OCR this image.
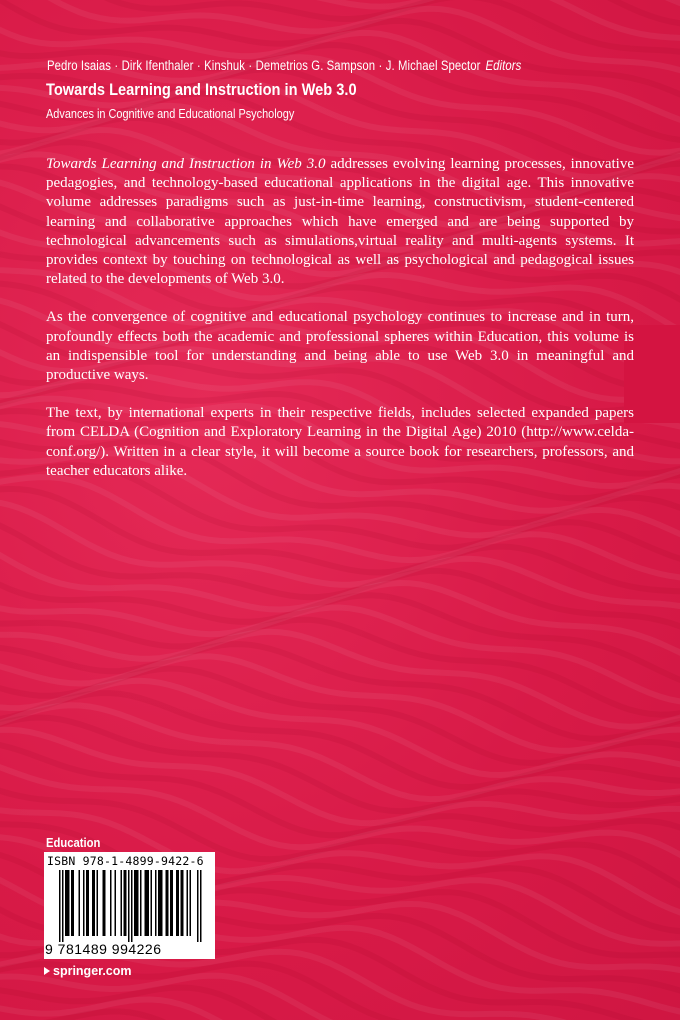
Pedro Isaias · Dirk Ifenthaler · Kinshuk · Demetrios G. Sampson · J. Michael Spector Editors
Towards Learning and Instruction in Web 3.0
Advances in Cognitive and Educational Psychology

Towards Learning and Instruction in Web 3.0 addresses evolving learning processes, innovative pedagogies, and technology-based educational applications in the digital age. This innovative volume addresses paradigms such as just-in-time learning, constructivism, student-centered learning and collaborative approaches which have emerged and are being supported by technological advancements such as simulations,virtual reality and multi-agents systems. It provides context by touching on technological as well as psychological and pedagogical issues related to the developments of Web 3.0.

As the convergence of cognitive and educational psychology continues to increase and in turn, profoundly effects both the academic and professional spheres within Education, this volume is an indispensible tool for understanding and being able to use Web 3.0 in meaningful and productive ways.

The text, by international experts in their respective fields, includes selected expanded papers from CELDA (Cognition and Exploratory Learning in the Digital Age) 2010 (http://www.celda-conf.org/). Written in a clear style, it will become a source book for researchers, professors, and teacher educators alike.

Education
ISBN 978-1-4899-9422-6
9 781489 994226
springer.com
